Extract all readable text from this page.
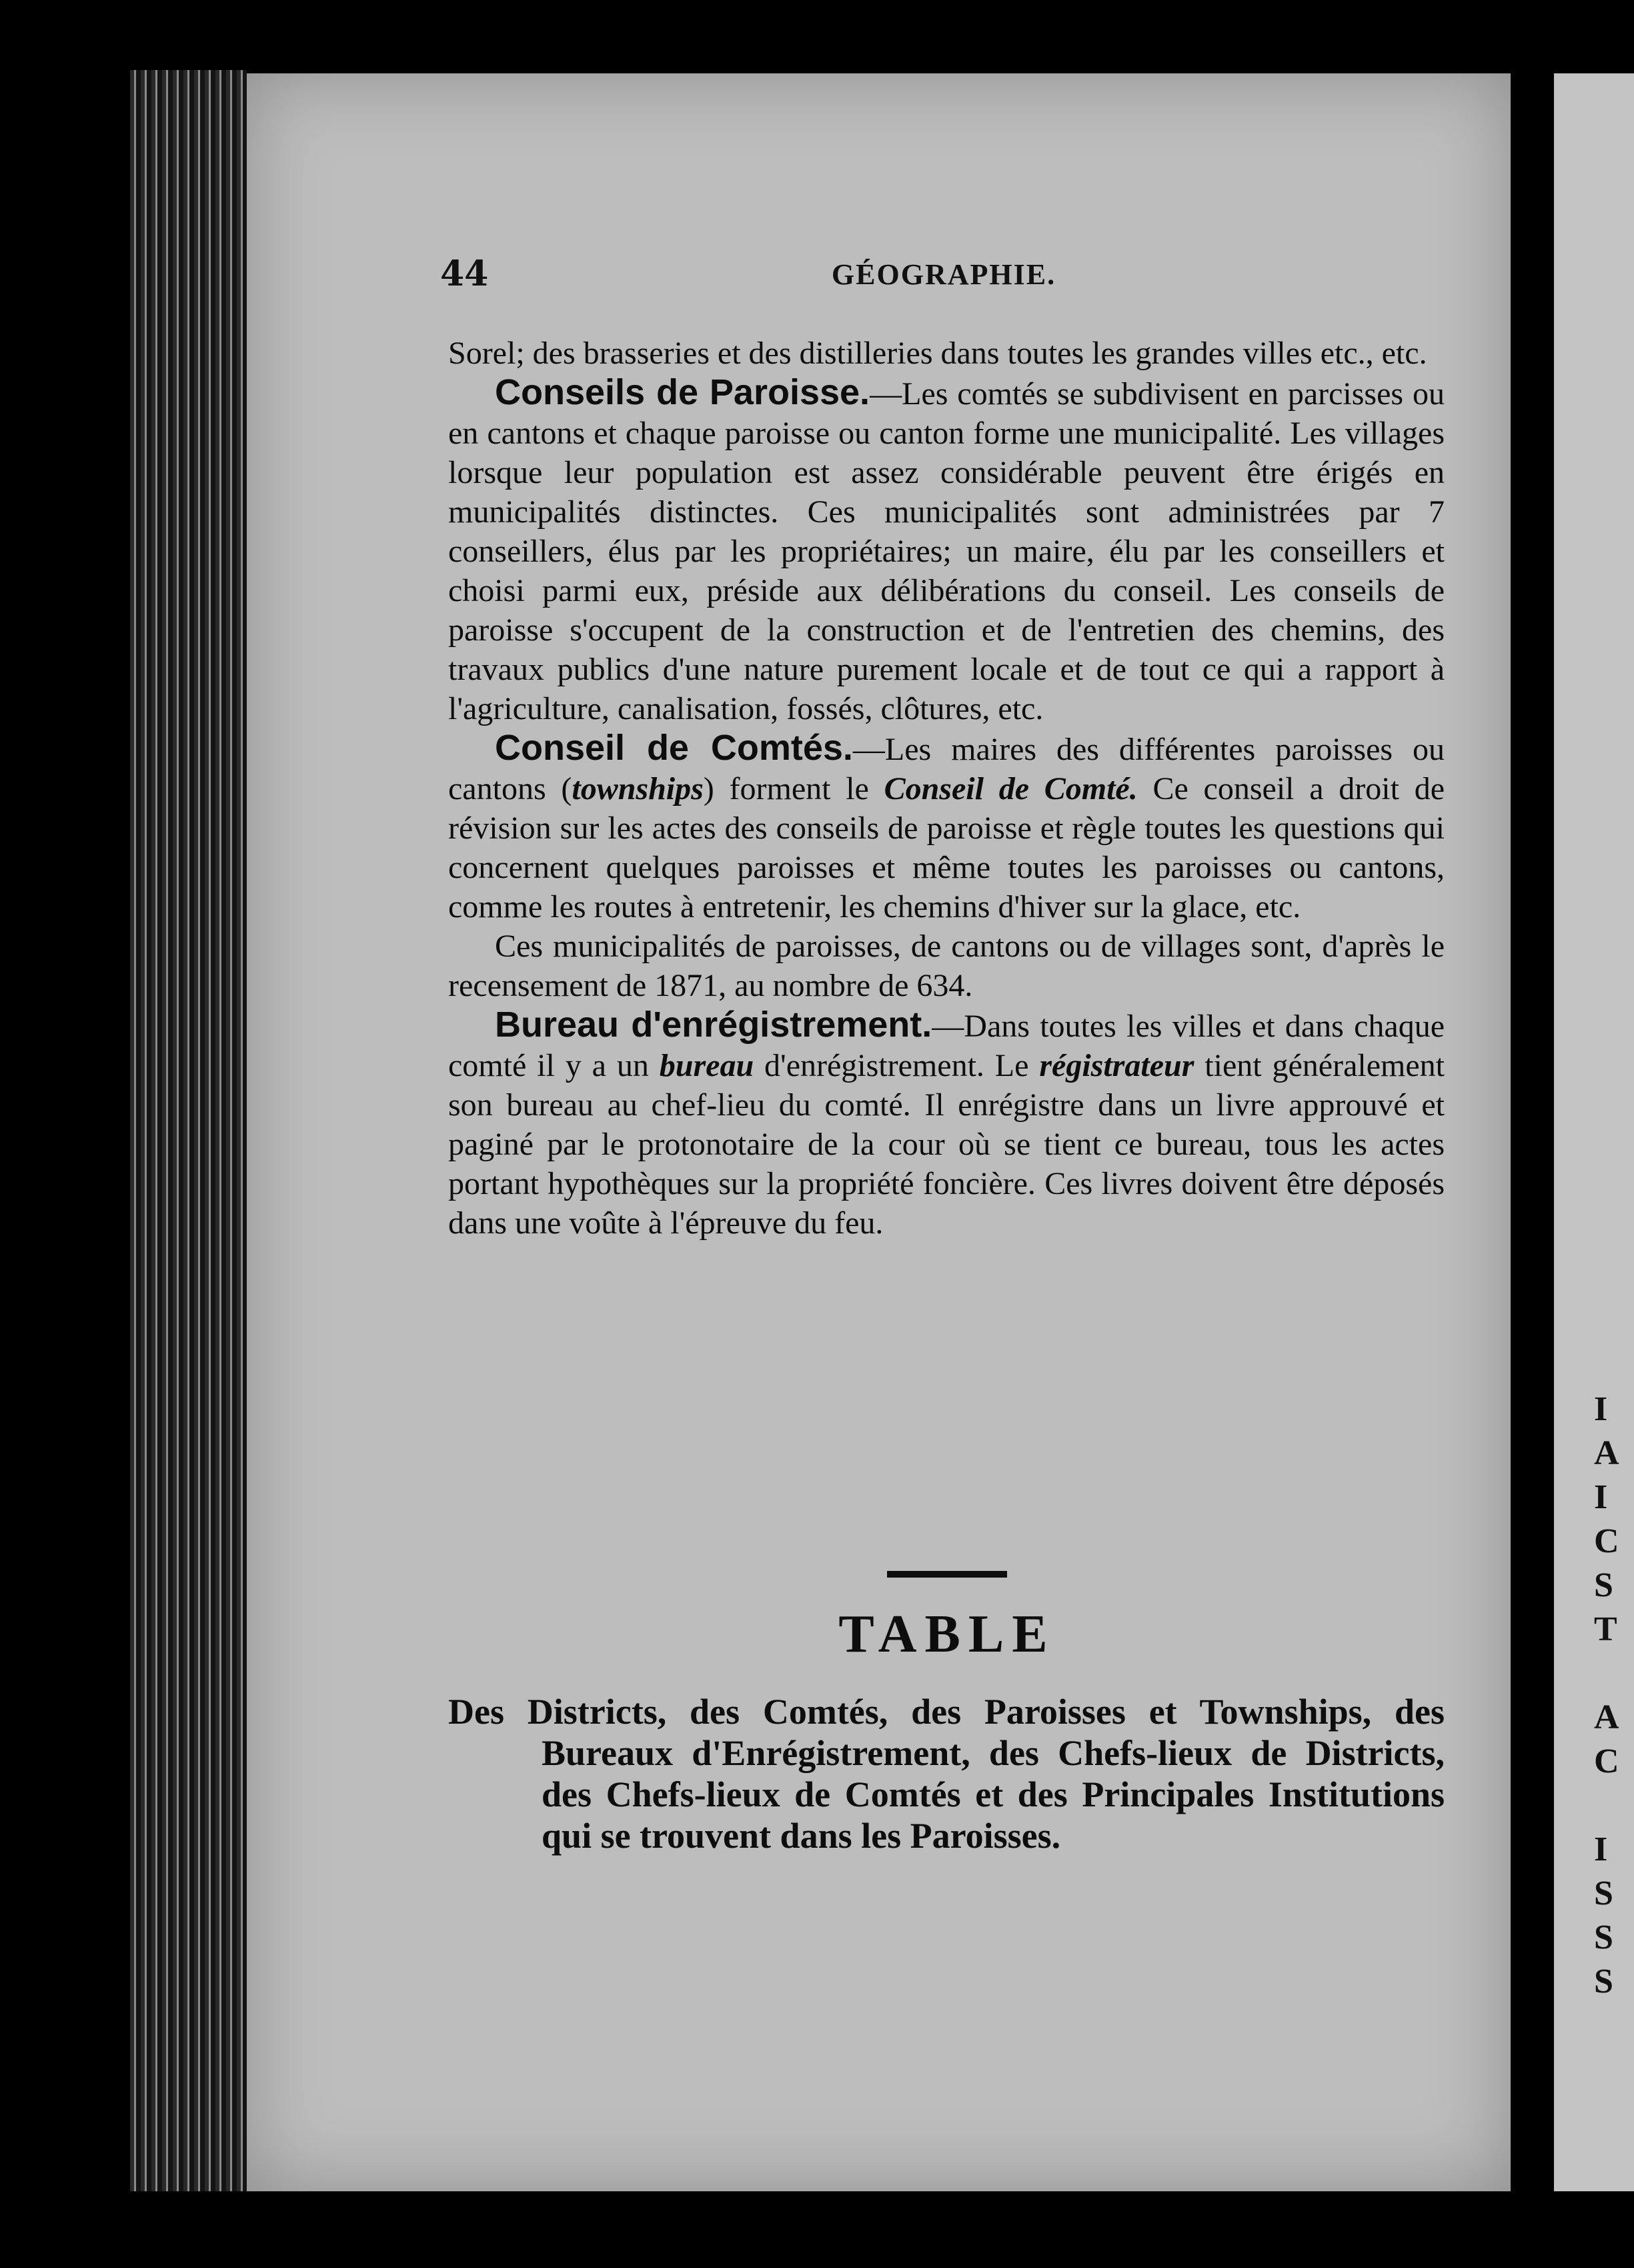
I
A
I
C
S
T

A
C

I
S
S
S
44	GÉOGRAPHIE.

Sorel; des brasseries et des distilleries dans toutes les grandes villes etc., etc.

Conseils de Paroisse.—Les comtés se subdivisent en parcisses ou en cantons et chaque paroisse ou canton forme une municipalité. Les villages lorsque leur population est assez considérable peuvent être érigés en municipalités distinctes. Ces municipalités sont administrées par 7 conseillers, élus par les propriétaires; un maire, élu par les conseillers et choisi parmi eux, préside aux délibérations du conseil. Les conseils de paroisse s'occupent de la construction et de l'entretien des chemins, des travaux publics d'une nature purement locale et de tout ce qui a rapport à l'agriculture, canalisation, fossés, clôtures, etc.

Conseil de Comtés.—Les maires des différentes paroisses ou cantons (townships) forment le Conseil de Comté. Ce conseil a droit de révision sur les actes des conseils de paroisse et règle toutes les questions qui concernent quelques paroisses et même toutes les paroisses ou cantons, comme les routes à entretenir, les chemins d'hiver sur la glace, etc.

Ces municipalités de paroisses, de cantons ou de villages sont, d'après le recensement de 1871, au nombre de 634.

Bureau d'enrégistrement.—Dans toutes les villes et dans chaque comté il y a un bureau d'enrégistrement. Le régistrateur tient généralement son bureau au chef-lieu du comté. Il enrégistre dans un livre approuvé et paginé par le protonotaire de la cour où se tient ce bureau, tous les actes portant hypothèques sur la propriété foncière. Ces livres doivent être déposés dans une voûte à l'épreuve du feu.

TABLE
Des Districts, des Comtés, des Paroisses et Townships, des Bureaux d'Enrégistrement, des Chefs-lieux de Districts, des Chefs-lieux de Comtés et des Principales Institutions qui se trouvent dans les Paroisses.
